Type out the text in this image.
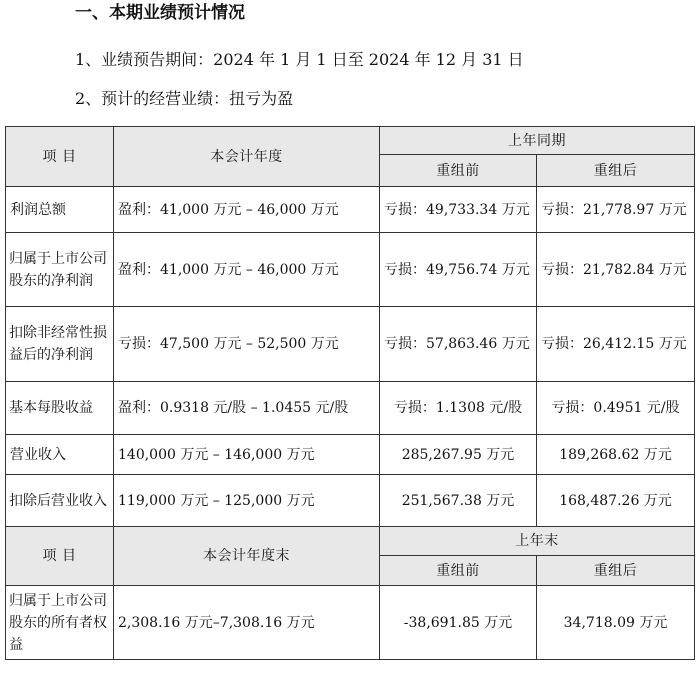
一、本期业绩预计情况
1、业绩预告期间：2024 年 1 月 1 日至 2024 年 12 月 31 日
2、预计的经营业绩：扭亏为盈
项 目	本会计年度	上年同期	
		重组前	重组后
利润总额	盈利：41,000 万元 – 46,000 万元	亏损：49,733.34 万元	亏损：21,778.97 万元
归属于上市公司股东的净利润	盈利：41,000 万元 – 46,000 万元	亏损：49,756.74 万元	亏损：21,782.84 万元
扣除非经常性损益后的净利润	亏损：47,500 万元 – 52,500 万元	亏损：57,863.46 万元	亏损：26,412.15 万元
基本每股收益	盈利：0.9318 元/股 – 1.0455 元/股	亏损：1.1308 元/股	亏损：0.4951 元/股
营业收入	140,000 万元 – 146,000 万元	285,267.95 万元	189,268.62 万元
扣除后营业收入	119,000 万元 – 125,000 万元	251,567.38 万元	168,487.26 万元
项 目	本会计年度末	上年末	
		重组前	重组后
归属于上市公司股东的所有者权益	2,308.16 万元–7,308.16 万元	-38,691.85 万元	34,718.09 万元
